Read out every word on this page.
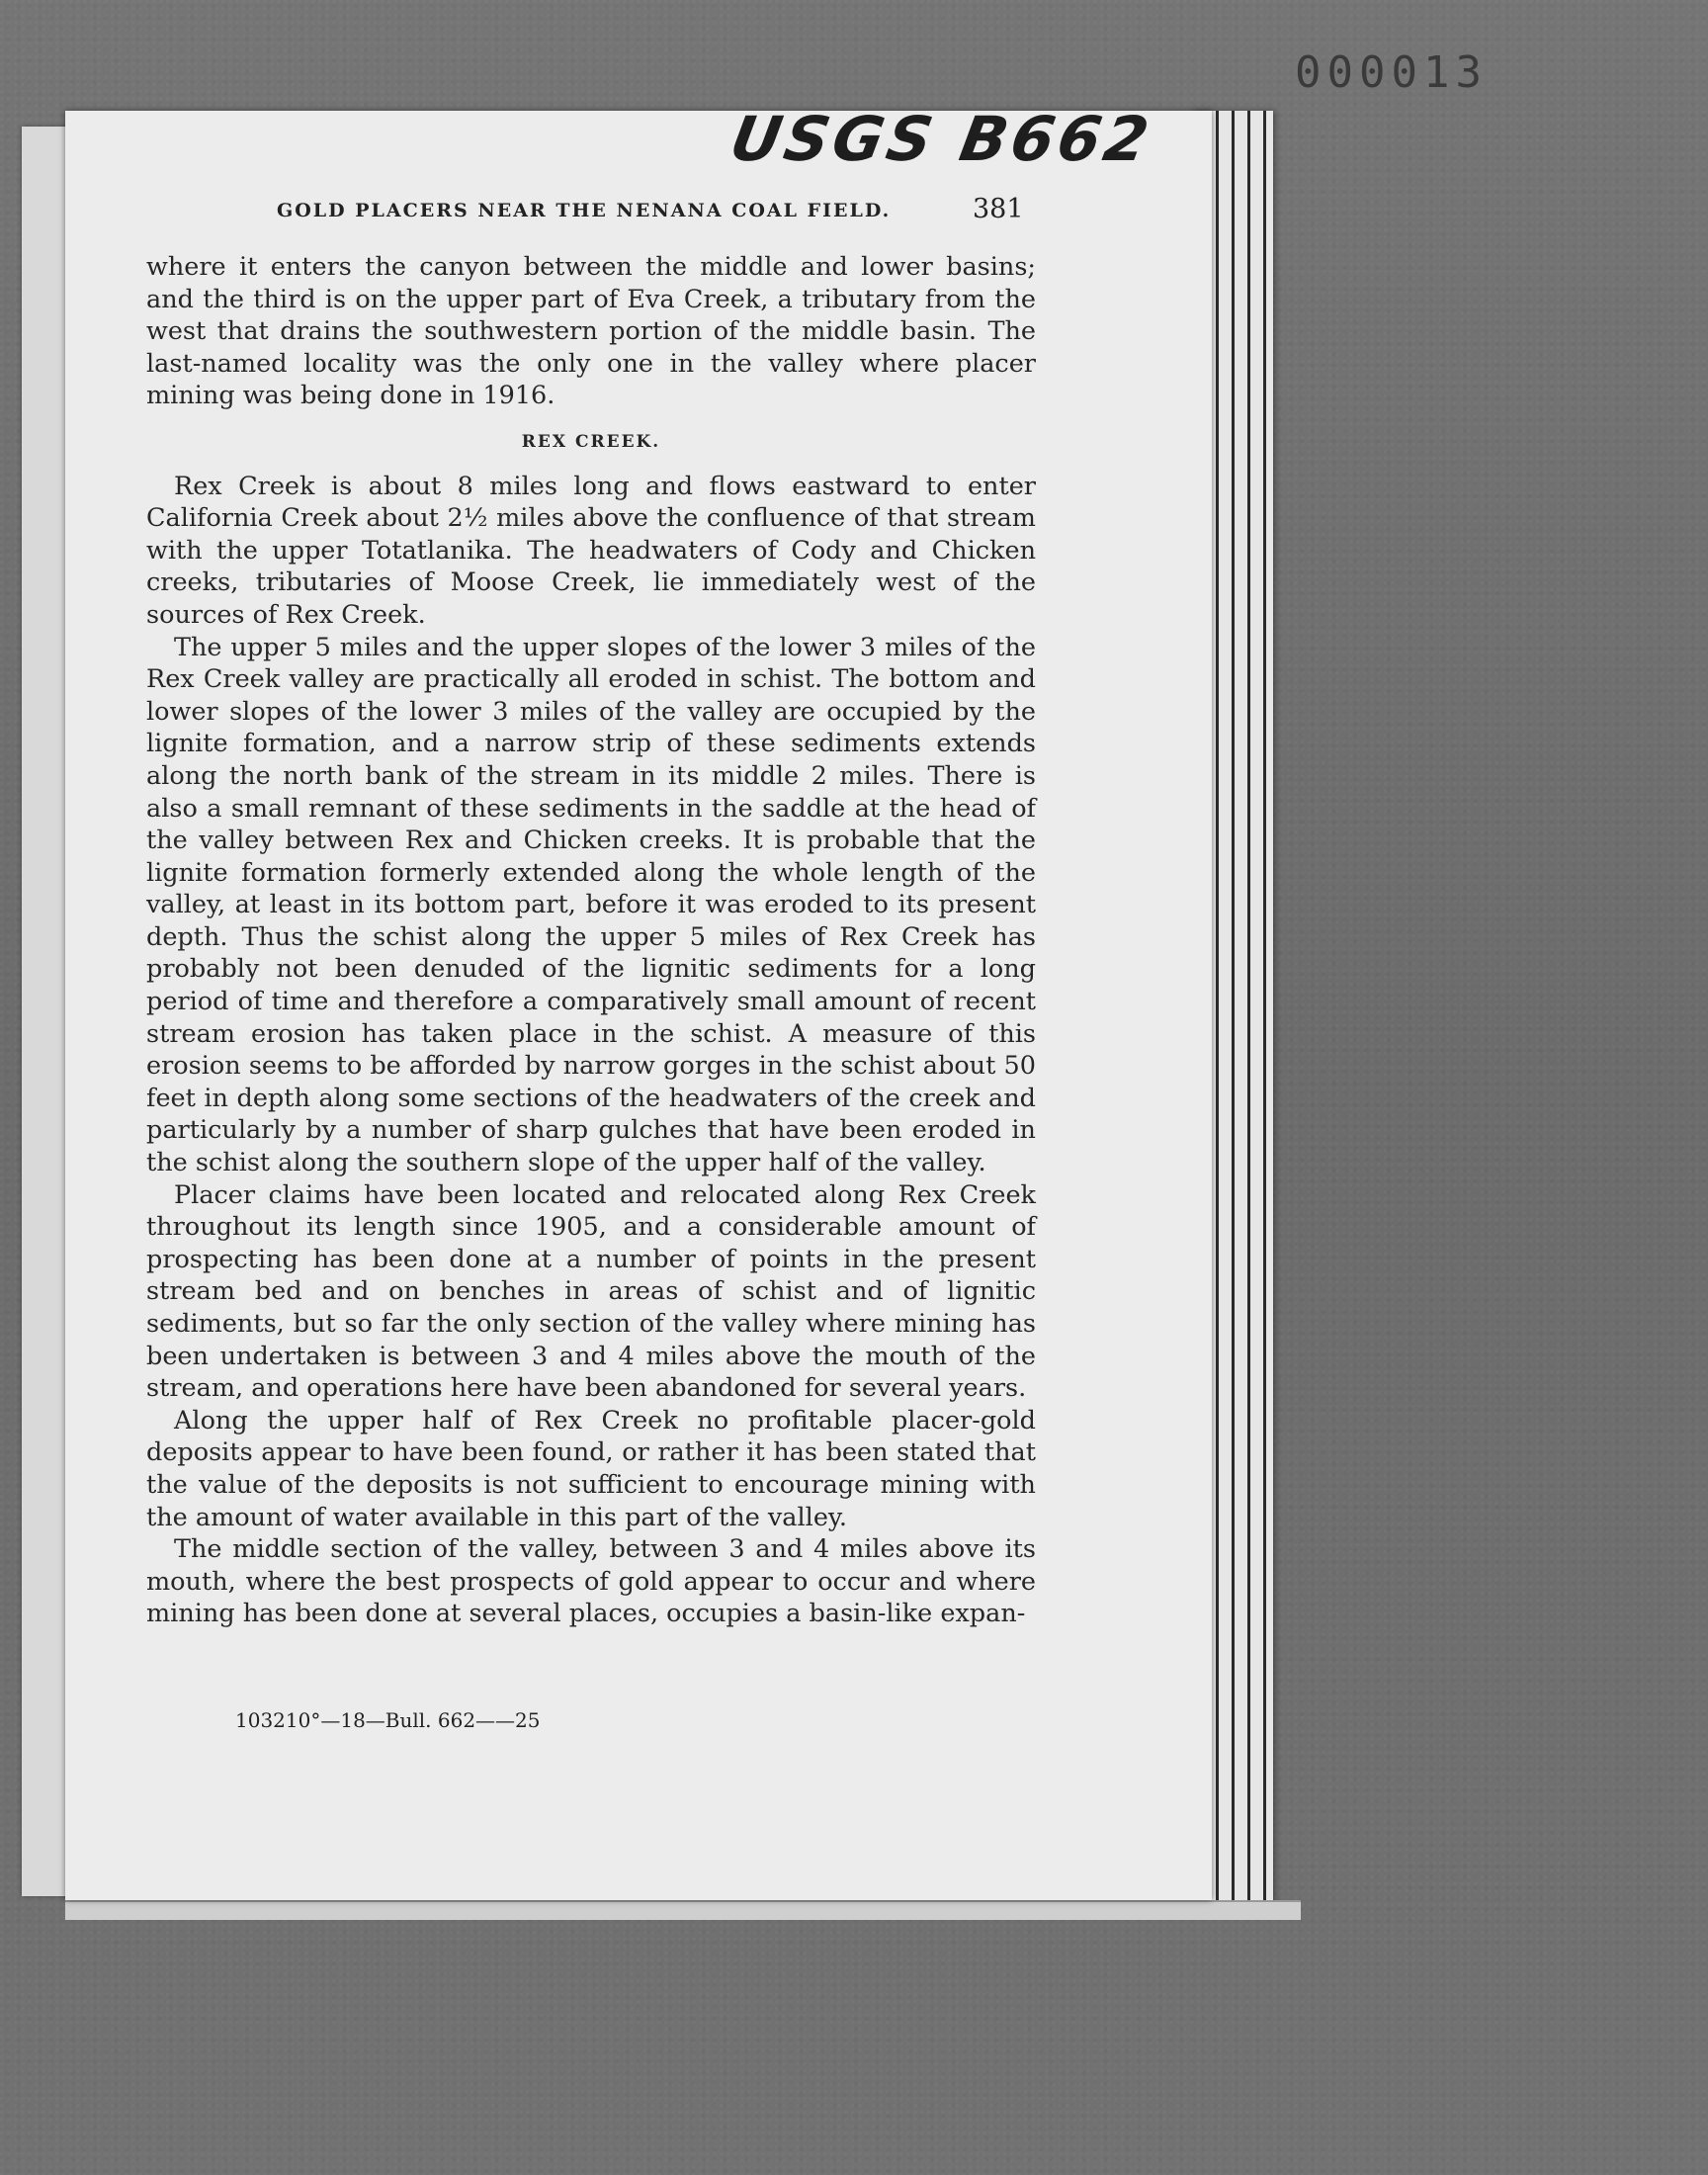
000013
USGS B662
GOLD PLACERS NEAR THE NENANA COAL FIELD.	381

where it enters the canyon between the middle and lower basins; and the third is on the upper part of Eva Creek, a tributary from the west that drains the southwestern portion of the middle basin. The last-named locality was the only one in the valley where placer mining was being done in 1916.

REX CREEK.

Rex Creek is about 8 miles long and flows eastward to enter California Creek about 2½ miles above the confluence of that stream with the upper Totatlanika. The headwaters of Cody and Chicken creeks, tributaries of Moose Creek, lie immediately west of the sources of Rex Creek.

The upper 5 miles and the upper slopes of the lower 3 miles of the Rex Creek valley are practically all eroded in schist. The bottom and lower slopes of the lower 3 miles of the valley are occupied by the lignite formation, and a narrow strip of these sediments extends along the north bank of the stream in its middle 2 miles. There is also a small remnant of these sediments in the saddle at the head of the valley between Rex and Chicken creeks. It is probable that the lignite formation formerly extended along the whole length of the valley, at least in its bottom part, before it was eroded to its present depth. Thus the schist along the upper 5 miles of Rex Creek has probably not been denuded of the lignitic sediments for a long period of time and therefore a comparatively small amount of recent stream erosion has taken place in the schist. A measure of this erosion seems to be afforded by narrow gorges in the schist about 50 feet in depth along some sections of the headwaters of the creek and particularly by a number of sharp gulches that have been eroded in the schist along the southern slope of the upper half of the valley.

Placer claims have been located and relocated along Rex Creek throughout its length since 1905, and a considerable amount of prospecting has been done at a number of points in the present stream bed and on benches in areas of schist and of lignitic sediments, but so far the only section of the valley where mining has been undertaken is between 3 and 4 miles above the mouth of the stream, and operations here have been abandoned for several years.

Along the upper half of Rex Creek no profitable placer-gold deposits appear to have been found, or rather it has been stated that the value of the deposits is not sufficient to encourage mining with the amount of water available in this part of the valley.

The middle section of the valley, between 3 and 4 miles above its mouth, where the best prospects of gold appear to occur and where mining has been done at several places, occupies a basin-like expan-

103210°—18—Bull. 662——25
